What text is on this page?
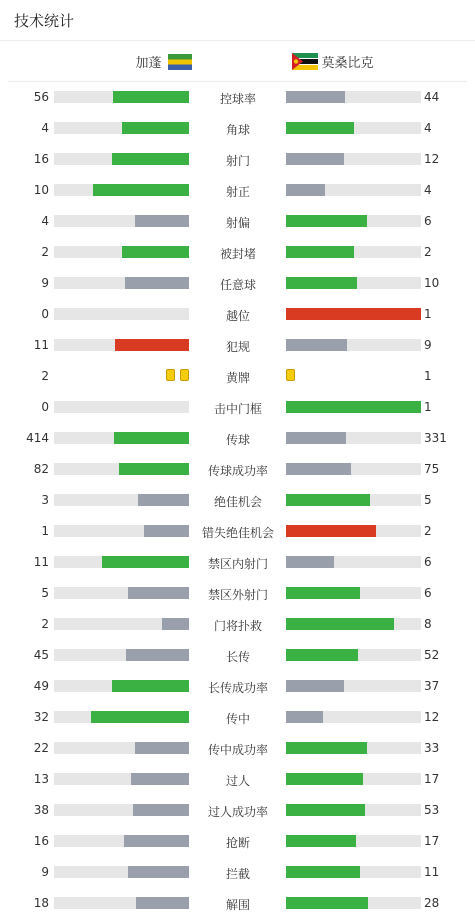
技术统计
加蓬	莫桑比克
56	控球率	44
4	角球	4
16	射门	12
10	射正	4
4	射偏	6
2	被封堵	2
9	任意球	10
0	越位	1
11	犯规	9
2	黄牌	1
0	击中门框	1
414	传球	331
82	传球成功率	75
3	绝佳机会	5
1	错失绝佳机会	2
11	禁区内射门	6
5	禁区外射门	6
2	门将扑救	8
45	长传	52
49	长传成功率	37
32	传中	12
22	传中成功率	33
13	过人	17
38	过人成功率	53
16	抢断	17
9	拦截	11
18	解围	28
